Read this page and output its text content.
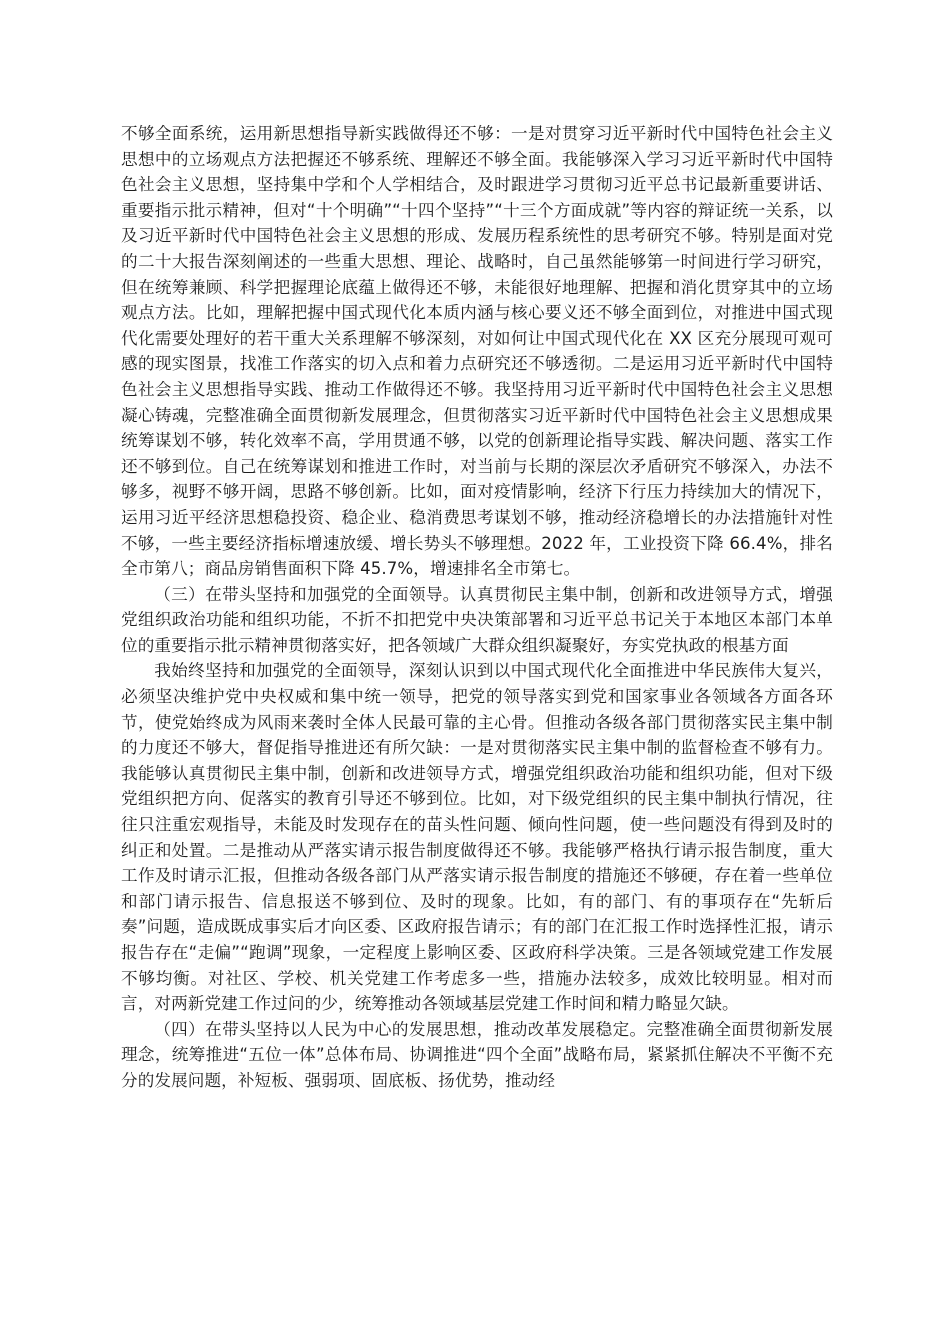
不够全面系统，运用新思想指导新实践做得还不够：一是对贯穿习近平新时代中国特色社会主义思想中的立场观点方法把握还不够系统、理解还不够全面。我能够深入学习习近平新时代中国特色社会主义思想，坚持集中学和个人学相结合，及时跟进学习贯彻习近平总书记最新重要讲话、重要指示批示精神，但对“十个明确”“十四个坚持”“十三个方面成就”等内容的辩证统一关系，以及习近平新时代中国特色社会主义思想的形成、发展历程系统性的思考研究不够。特别是面对党的二十大报告深刻阐述的一些重大思想、理论、战略时，自己虽然能够第一时间进行学习研究，但在统筹兼顾、科学把握理论底蕴上做得还不够，未能很好地理解、把握和消化贯穿其中的立场观点方法。比如，理解把握中国式现代化本质内涵与核心要义还不够全面到位，对推进中国式现代化需要处理好的若干重大关系理解不够深刻，对如何让中国式现代化在 XX 区充分展现可观可感的现实图景，找准工作落实的切入点和着力点研究还不够透彻。二是运用习近平新时代中国特色社会主义思想指导实践、推动工作做得还不够。我坚持用习近平新时代中国特色社会主义思想凝心铸魂，完整准确全面贯彻新发展理念，但贯彻落实习近平新时代中国特色社会主义思想成果统筹谋划不够，转化效率不高，学用贯通不够，以党的创新理论指导实践、解决问题、落实工作还不够到位。自己在统筹谋划和推进工作时，对当前与长期的深层次矛盾研究不够深入，办法不够多，视野不够开阔，思路不够创新。比如，面对疫情影响，经济下行压力持续加大的情况下，运用习近平经济思想稳投资、稳企业、稳消费思考谋划不够，推动经济稳增长的办法措施针对性不够，一些主要经济指标增速放缓、增长势头不够理想。2022 年，工业投资下降 66.4%，排名全市第八；商品房销售面积下降 45.7%，增速排名全市第七。

（三）在带头坚持和加强党的全面领导。认真贯彻民主集中制，创新和改进领导方式，增强党组织政治功能和组织功能，不折不扣把党中央决策部署和习近平总书记关于本地区本部门本单位的重要指示批示精神贯彻落实好，把各领域广大群众组织凝聚好，夯实党执政的根基方面

我始终坚持和加强党的全面领导，深刻认识到以中国式现代化全面推进中华民族伟大复兴，必须坚决维护党中央权威和集中统一领导，把党的领导落实到党和国家事业各领域各方面各环节，使党始终成为风雨来袭时全体人民最可靠的主心骨。但推动各级各部门贯彻落实民主集中制的力度还不够大，督促指导推进还有所欠缺：一是对贯彻落实民主集中制的监督检查不够有力。我能够认真贯彻民主集中制，创新和改进领导方式，增强党组织政治功能和组织功能，但对下级党组织把方向、促落实的教育引导还不够到位。比如，对下级党组织的民主集中制执行情况，往往只注重宏观指导，未能及时发现存在的苗头性问题、倾向性问题，使一些问题没有得到及时的纠正和处置。二是推动从严落实请示报告制度做得还不够。我能够严格执行请示报告制度，重大工作及时请示汇报，但推动各级各部门从严落实请示报告制度的措施还不够硬，存在着一些单位和部门请示报告、信息报送不够到位、及时的现象。比如，有的部门、有的事项存在“先斩后奏”问题，造成既成事实后才向区委、区政府报告请示；有的部门在汇报工作时选择性汇报，请示报告存在“走偏”“跑调”现象，一定程度上影响区委、区政府科学决策。三是各领域党建工作发展不够均衡。对社区、学校、机关党建工作考虑多一些，措施办法较多，成效比较明显。相对而言，对两新党建工作过问的少，统筹推动各领域基层党建工作时间和精力略显欠缺。

（四）在带头坚持以人民为中心的发展思想，推动改革发展稳定。完整准确全面贯彻新发展理念，统筹推进“五位一体”总体布局、协调推进“四个全面”战略布局，紧紧抓住解决不平衡不充分的发展问题，补短板、强弱项、固底板、扬优势，推动经
